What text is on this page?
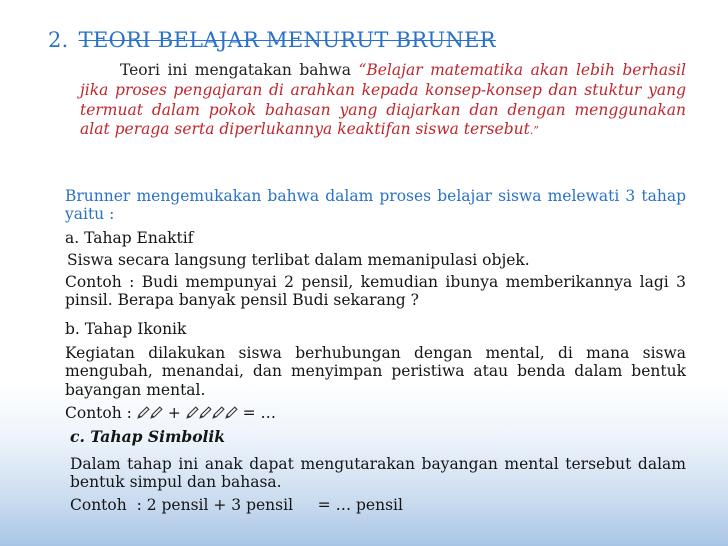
2. TEORI BELAJAR MENURUT BRUNER
Teori ini mengatakan bahwa “Belajar matematika akan lebih berhasil jika proses pengajaran di arahkan kepada konsep-konsep dan stuktur yang termuat dalam pokok bahasan yang diajarkan dan dengan menggunakan alat peraga serta diperlukannya keaktifan siswa tersebut.”
Brunner mengemukakan bahwa dalam proses belajar siswa melewati 3 tahap yaitu :
a. Tahap Enaktif
Siswa secara langsung terlibat dalam memanipulasi objek.
Contoh : Budi mempunyai 2 pensil, kemudian ibunya memberikannya lagi 3 pinsil. Berapa banyak pensil Budi sekarang ?
b. Tahap Ikonik
Kegiatan dilakukan siswa berhubungan dengan mental, di mana siswa mengubah, menandai, dan menyimpan peristiwa atau benda dalam bentuk bayangan mental.
Contoh : +	= …
c. Tahap Simbolik
Dalam tahap ini anak dapat mengutarakan bayangan mental tersebut dalam bentuk simpul dan bahasa.
Contoh  : 2 pensil + 3 pensil     = … pensil
